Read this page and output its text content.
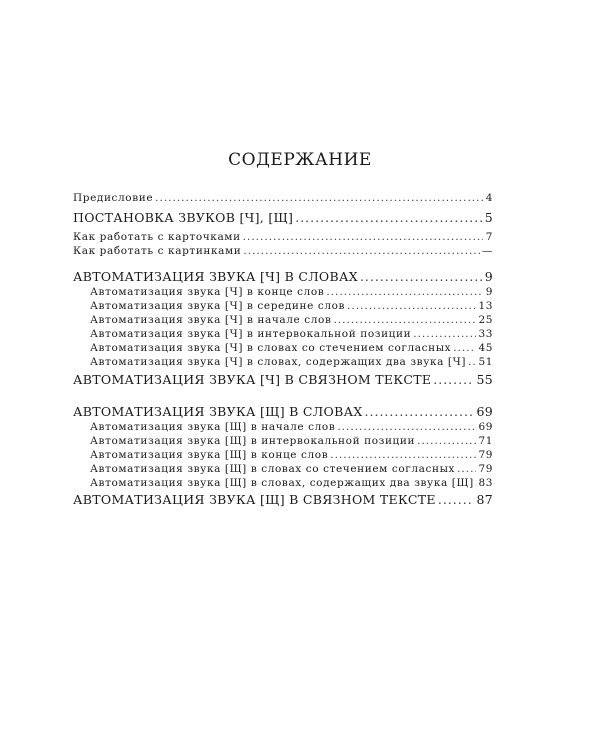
СОДЕРЖАНИЕ
Предисловие .....	4
ПОСТАНОВКА ЗВУКОВ [Ч], [Щ] .....	5
Как работать с карточками .....	7
Как работать с картинками .....	—
АВТОМАТИЗАЦИЯ ЗВУКА [Ч] В СЛОВАХ .....	9
Автоматизация звука [Ч] в конце слов .....	9
Автоматизация звука [Ч] в середине слов .....	13
Автоматизация звука [Ч] в начале слов .....	25
Автоматизация звука [Ч] в интервокальной позиции .....	33
Автоматизация звука [Ч] в словах со стечением согласных .....	45
Автоматизация звука [Ч] в словах, содержащих два звука [Ч] ..... 51
АВТОМАТИЗАЦИЯ ЗВУКА [Ч] В СВЯЗНОМ ТЕКСТЕ .....	55
АВТОМАТИЗАЦИЯ ЗВУКА [Щ] В СЛОВАХ .....	69
Автоматизация звука [Щ] в начале слов .....	69
Автоматизация звука [Щ] в интервокальной позиции .....	71
Автоматизация звука [Щ] в конце слов .....	79
Автоматизация звука [Щ] в словах со стечением согласных ..... 79
Автоматизация звука [Щ] в словах, содержащих два звука [Щ] ..... 83
АВТОМАТИЗАЦИЯ ЗВУКА [Щ] В СВЯЗНОМ ТЕКСТЕ .....	87
